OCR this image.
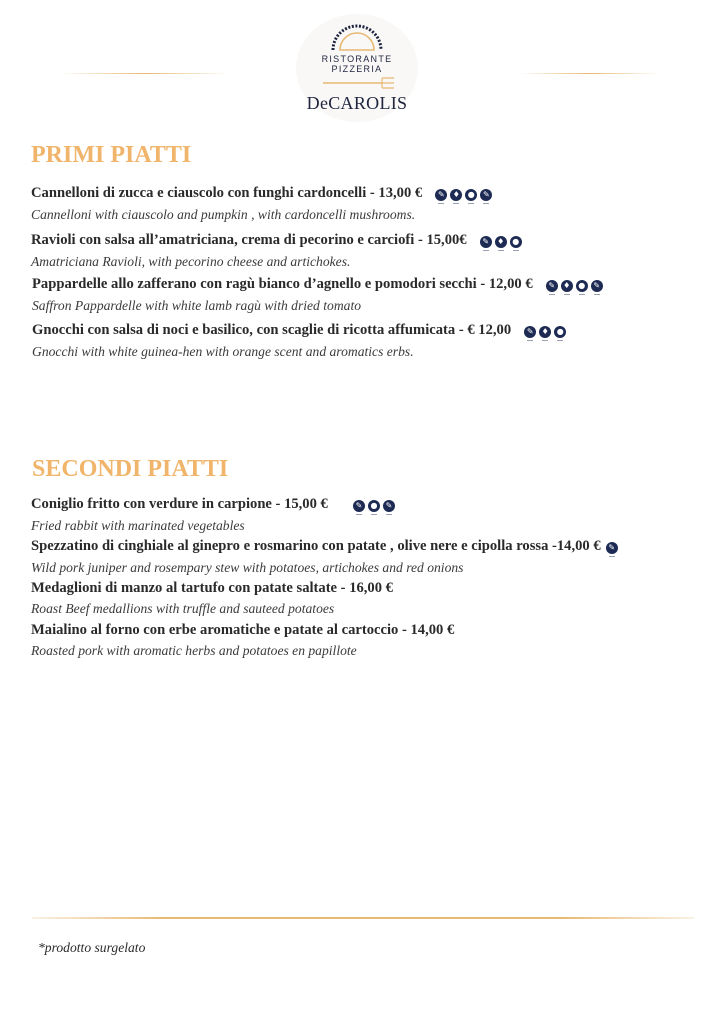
RISTORANTE
PIZZERIA
DeCAROLIS
PRIMI PIATTI
Cannelloni di zucca e ciauscolo con funghi cardoncelli - 13,00 € ✎ ♦ ● ✎
Cannelloni with ciauscolo and pumpkin , with cardoncelli mushrooms.
Ravioli con salsa all’amatriciana, crema di pecorino e carciofi - 15,00€ ✎ ♦ ●
Amatriciana Ravioli, with pecorino cheese and artichokes.
Pappardelle allo zafferano con ragù bianco d’agnello e pomodori secchi - 12,00 € ✎ ♦ ● ✎
Saffron Pappardelle with white lamb ragù with dried tomato
Gnocchi con salsa di noci e basilico, con scaglie di ricotta affumicata - € 12,00 ✎ ♦ ●
Gnocchi with white guinea-hen with orange scent and aromatics erbs.
SECONDI PIATTI
Coniglio fritto con verdure in carpione - 15,00 €	✎ ● ✎
Fried rabbit with marinated vegetables
Spezzatino di cinghiale al ginepro e rosmarino con patate , olive nere e cipolla rossa -14,00 € ✎
Wild pork juniper and rosempary stew with potatoes, artichokes and red onions
Medaglioni di manzo al tartufo con patate saltate - 16,00 €
Roast Beef medallions with truffle and sauteed potatoes
Maialino al forno con erbe aromatiche e patate al cartoccio - 14,00 €
Roasted pork with aromatic herbs and potatoes en papillote
*prodotto surgelato
